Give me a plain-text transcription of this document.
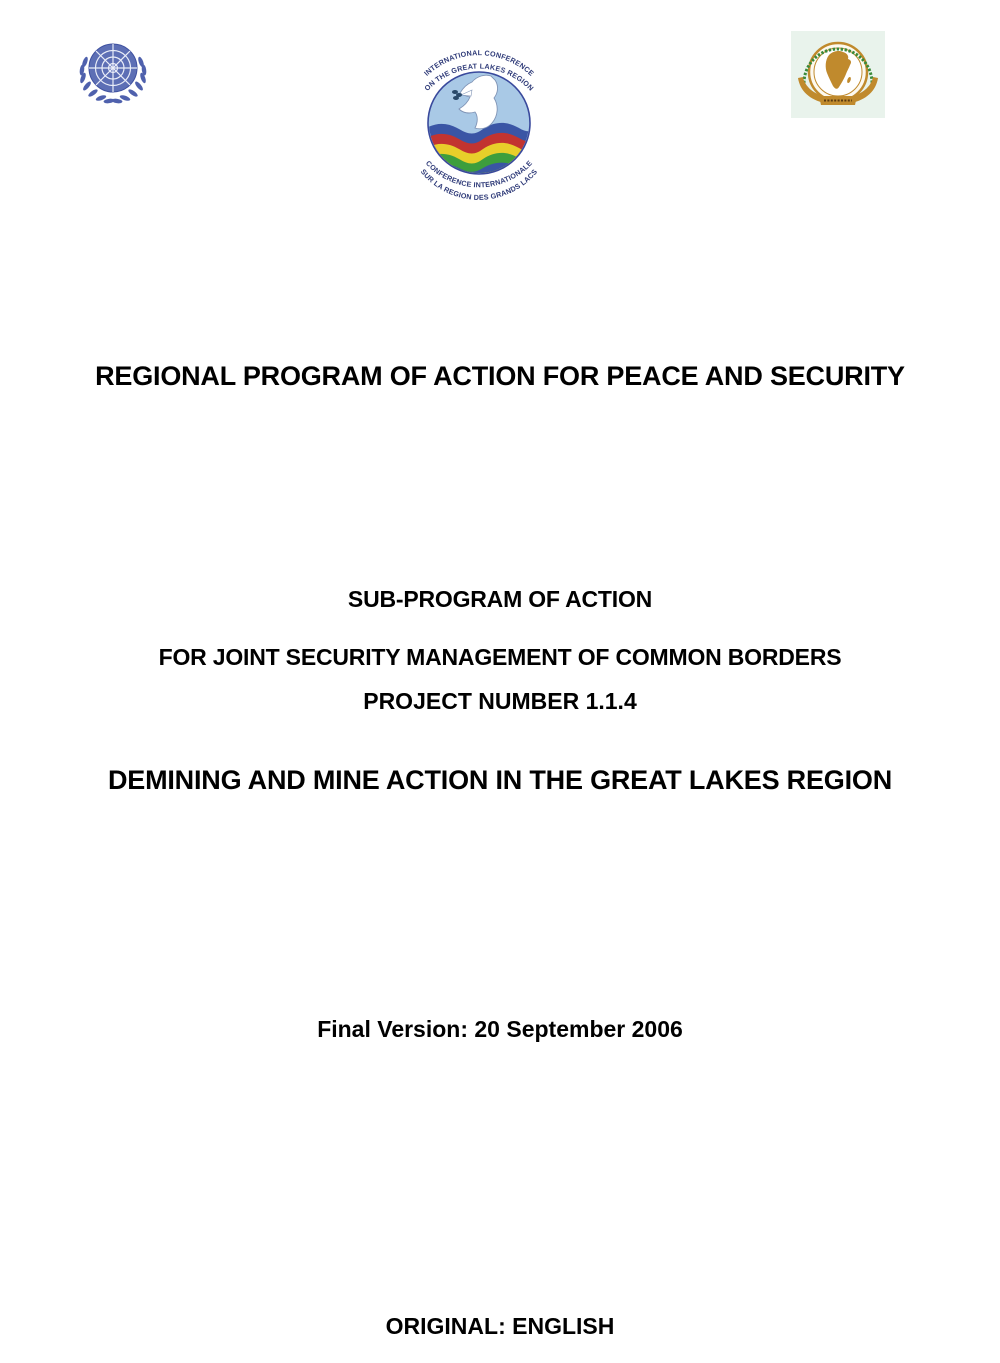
INTERNATIONAL CONFERENCE
ON THE GREAT LAKES REGION
CONFERENCE INTERNATIONALE
SUR LA REGION DES GRANDS LACS
REGIONAL PROGRAM OF ACTION FOR PEACE AND SECURITY

SUB-PROGRAM OF ACTION

FOR JOINT SECURITY MANAGEMENT OF COMMON BORDERS

PROJECT NUMBER 1.1.4
DEMINING AND MINE ACTION IN THE GREAT LAKES REGION
Final Version: 20 September 2006
ORIGINAL: ENGLISH
